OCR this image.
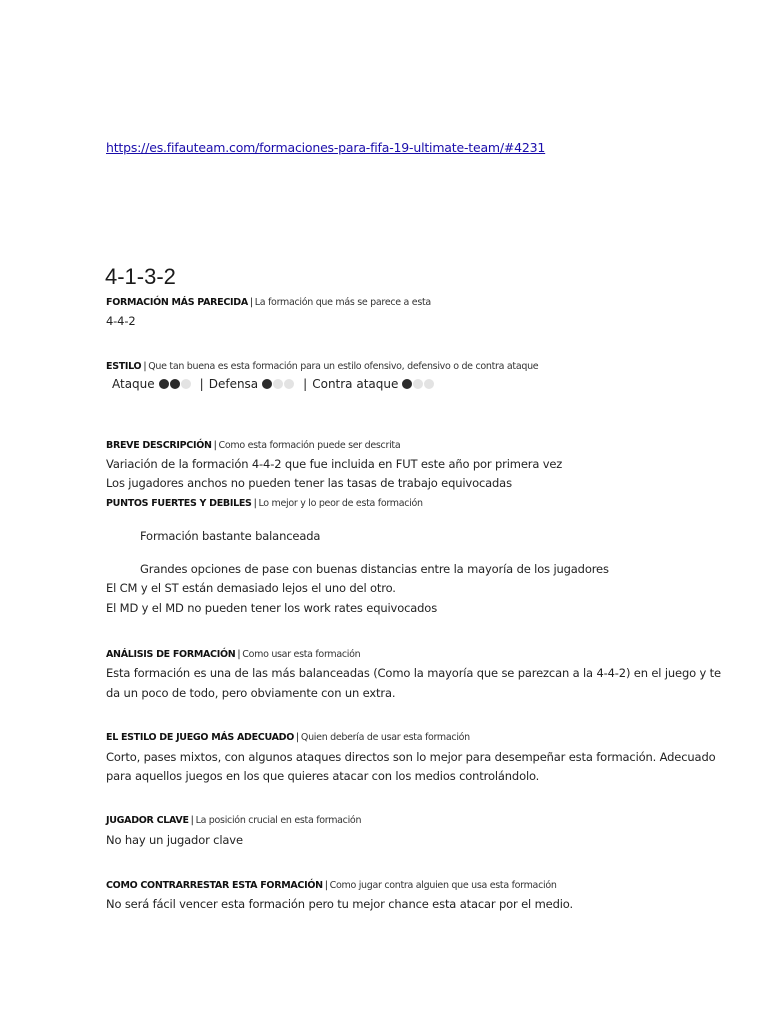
https://es.fifauteam.com/formaciones-para-fifa-19-ultimate-team/#4231
4-1-3-2
FORMACIÓN MÁS PARECIDA | La formación que más se parece a esta
4-4-2
ESTILO | Que tan buena es esta formación para un estilo ofensivo, defensivo o de contra ataque
Ataque	| Defensa	| Contra ataque
BREVE DESCRIPCIÓN | Como esta formación puede ser descrita
Variación de la formación 4-4-2 que fue incluida en FUT este año por primera vez
Los jugadores anchos no pueden tener las tasas de trabajo equivocadas
PUNTOS FUERTES Y DEBILES | Lo mejor y lo peor de esta formación
Formación bastante balanceada
Grandes opciones de pase con buenas distancias entre la mayoría de los jugadores
El CM y el ST están demasiado lejos el uno del otro.
El MD y el MD no pueden tener los work rates equivocados
ANÁLISIS DE FORMACIÓN | Como usar esta formación
Esta formación es una de las más balanceadas (Como la mayoría que se parezcan a la 4-4-2) en el juego y te
da un poco de todo, pero obviamente con un extra.
EL ESTILO DE JUEGO MÁS ADECUADO | Quien debería de usar esta formación
Corto, pases mixtos, con algunos ataques directos son lo mejor para desempeñar esta formación. Adecuado
para aquellos juegos en los que quieres atacar con los medios controlándolo.
JUGADOR CLAVE | La posición crucial en esta formación
No hay un jugador clave
COMO CONTRARRESTAR ESTA FORMACIÓN | Como jugar contra alguien que usa esta formación
No será fácil vencer esta formación pero tu mejor chance esta atacar por el medio.
